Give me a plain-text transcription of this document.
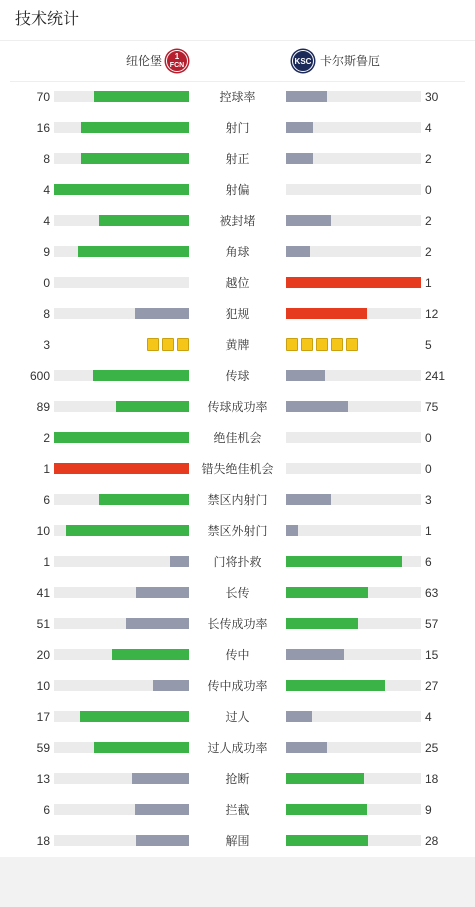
技术统计
纽伦堡 1
FCN	KSC 卡尔斯鲁厄
70	控球率	30
16	射门	4
8	射正	2
4	射偏	0
4	被封堵	2
9	角球	2
0	越位	1
8	犯规	12
3	黄牌	5
600	传球	241
89	传球成功率	75
2	绝佳机会	0
1	错失绝佳机会	0
6	禁区内射门	3
10	禁区外射门	1
1	门将扑救	6
41	长传	63
51	长传成功率	57
20	传中	15
10	传中成功率	27
17	过人	4
59	过人成功率	25
13	抢断	18
6	拦截	9
18	解围	28
